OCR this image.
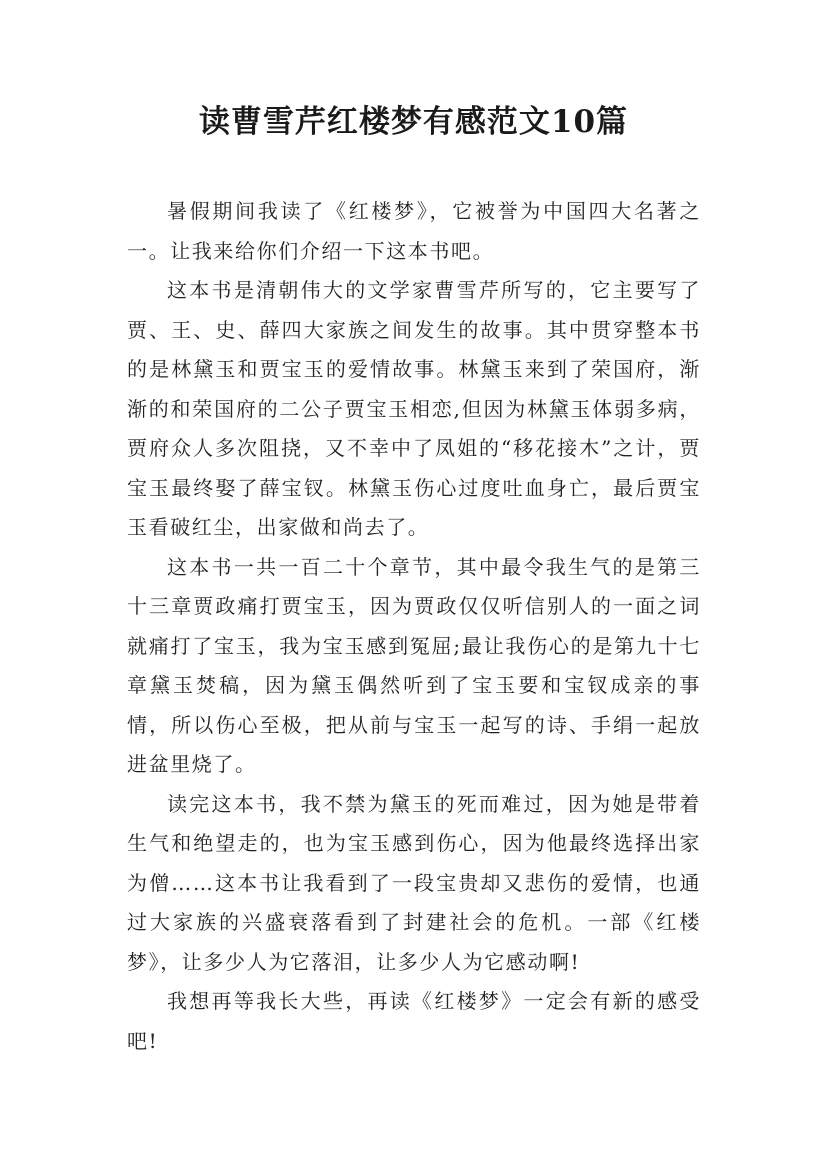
读曹雪芹红楼梦有感范文10篇

暑假期间我读了《红楼梦》，它被誉为中国四大名著之一。让我来给你们介绍一下这本书吧。

这本书是清朝伟大的文学家曹雪芹所写的，它主要写了贾、王、史、薛四大家族之间发生的故事。其中贯穿整本书的是林黛玉和贾宝玉的爱情故事。林黛玉来到了荣国府，渐渐的和荣国府的二公子贾宝玉相恋,但因为林黛玉体弱多病，贾府众人多次阻挠，又不幸中了凤姐的“移花接木”之计，贾宝玉最终娶了薛宝钗。林黛玉伤心过度吐血身亡，最后贾宝玉看破红尘，出家做和尚去了。

这本书一共一百二十个章节，其中最令我生气的是第三十三章贾政痛打贾宝玉，因为贾政仅仅听信别人的一面之词就痛打了宝玉，我为宝玉感到冤屈;最让我伤心的是第九十七章黛玉焚稿，因为黛玉偶然听到了宝玉要和宝钗成亲的事情，所以伤心至极，把从前与宝玉一起写的诗、手绢一起放进盆里烧了。

读完这本书，我不禁为黛玉的死而难过，因为她是带着生气和绝望走的，也为宝玉感到伤心，因为他最终选择出家为僧……这本书让我看到了一段宝贵却又悲伤的爱情，也通过大家族的兴盛衰落看到了封建社会的危机。一部《红楼梦》，让多少人为它落泪，让多少人为它感动啊!

我想再等我长大些，再读《红楼梦》一定会有新的感受吧!
